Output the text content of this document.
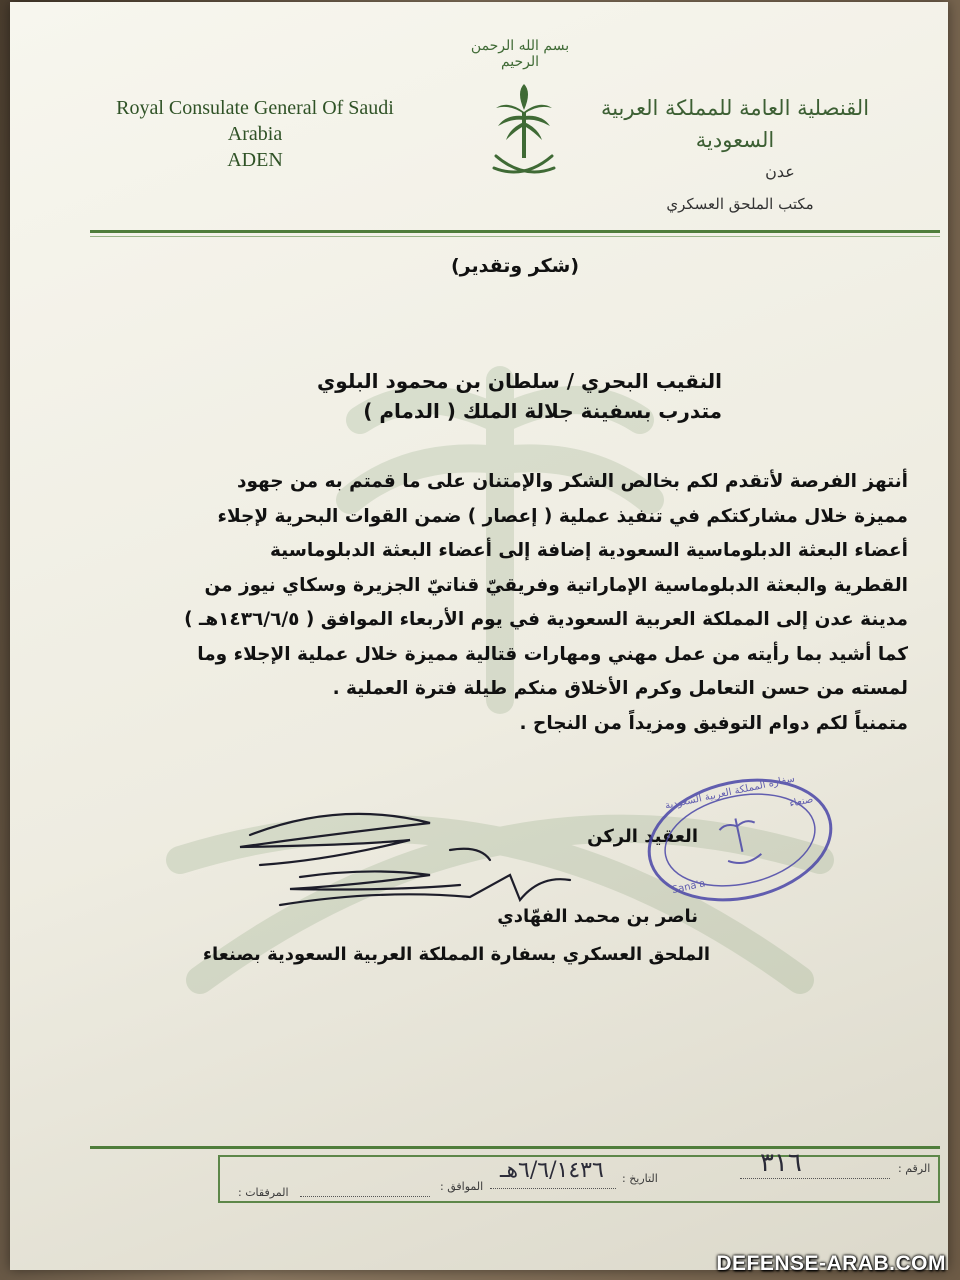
بسم الله الرحمن الرحيم
Royal Consulate General Of Saudi Arabia
ADEN
القنصلية العامة للمملكة العربية السعودية
عدن
مكتب الملحق العسكري
(شكر وتقدير)
النقيب البحري / سلطان بن محمود البلوي
متدرب بسفينة جلالة الملك ( الدمام )
أنتهز الفرصة لأتقدم لكم بخالص الشكر والإمتنان على ما قمتم به من جهود
مميزة خلال مشاركتكم في تنفيذ عملية ( إعصار ) ضمن القوات البحرية لإجلاء
أعضاء البعثة الدبلوماسية السعودية إضافة إلى أعضاء البعثة الدبلوماسية
القطرية والبعثة الدبلوماسية الإماراتية وفريقيّ قناتيّ الجزيرة وسكاي نيوز من
مدينة عدن إلى المملكة العربية السعودية في يوم الأربعاء الموافق ( ١٤٣٦/٦/٥هـ )
كما أشيد بما رأيته من عمل مهني ومهارات قتالية مميزة خلال عملية الإجلاء وما
لمسته من حسن التعامل وكرم الأخلاق منكم طيلة فترة العملية .
متمنياً لكم دوام التوفيق ومزيداً من النجاح .
العقيد الركن
ناصر بن محمد الفهّادي
الملحق العسكري بسفارة المملكة العربية السعودية بصنعاء
سفارة المملكة العربية السعودية
صنعاء
Sana'a
الرقم :
٣١٦
التاريخ :
٦/٦/١٤٣٦هـ
الموافق :
المرفقات :
DEFENSE-ARAB.COM
